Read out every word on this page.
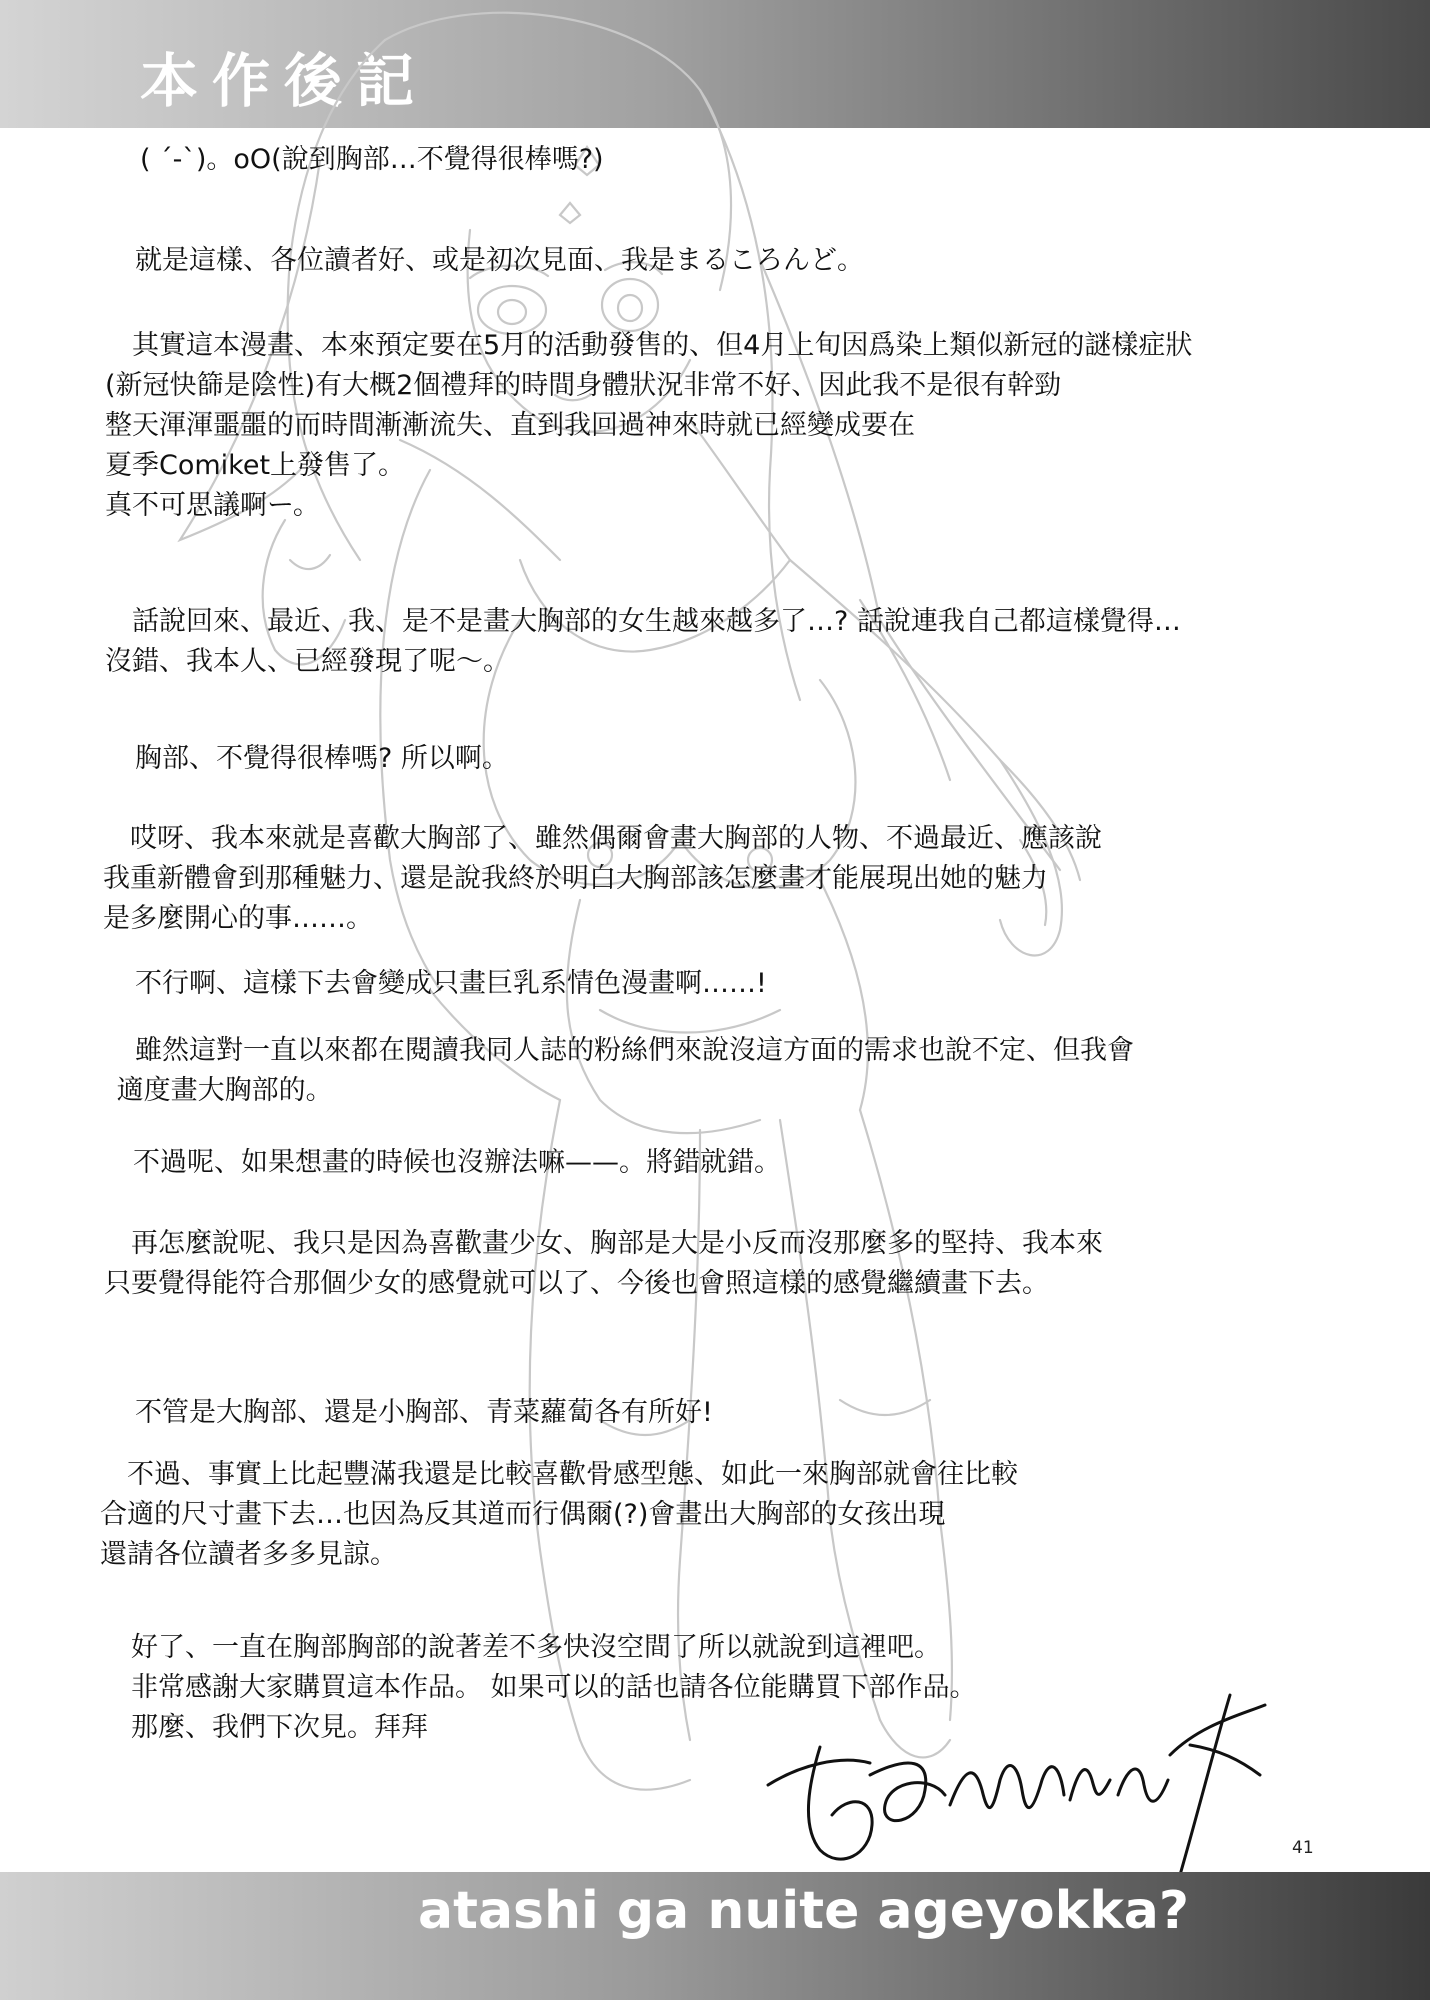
本作後記

( ´-`)。oO(說到胸部…不覺得很棒嗎?)

　就是這樣、各位讀者好、或是初次見面、我是まるころんど。

　其實這本漫畫、本來預定要在5月的活動發售的、但4月上旬因爲染上類似新冠的謎樣症狀
(新冠快篩是陰性)有大概2個禮拜的時間身體狀況非常不好、因此我不是很有幹勁
整天渾渾噩噩的而時間漸漸流失、直到我回過神來時就已經變成要在
夏季Comiket上發售了。
真不可思議啊ー。

　話說回來、最近、我、是不是畫大胸部的女生越來越多了…? 話說連我自己都這樣覺得…
沒錯、我本人、已經發現了呢～。

　胸部、不覺得很棒嗎? 所以啊。

　哎呀、我本來就是喜歡大胸部了、雖然偶爾會畫大胸部的人物、不過最近、應該說
我重新體會到那種魅力、還是說我終於明白大胸部該怎麼畫才能展現出她的魅力
是多麼開心的事……。

　不行啊、這樣下去會變成只畫巨乳系情色漫畫啊……!

　雖然這對一直以來都在閱讀我同人誌的粉絲們來說沒這方面的需求也說不定、但我會
適度畫大胸部的。

　不過呢、如果想畫的時候也沒辦法嘛——。將錯就錯。

　再怎麼說呢、我只是因為喜歡畫少女、胸部是大是小反而沒那麼多的堅持、我本來
只要覺得能符合那個少女的感覺就可以了、今後也會照這樣的感覺繼續畫下去。

　不管是大胸部、還是小胸部、青菜蘿蔔各有所好!

　不過、事實上比起豐滿我還是比較喜歡骨感型態、如此一來胸部就會往比較
合適的尺寸畫下去…也因為反其道而行偶爾(?)會畫出大胸部的女孩出現
還請各位讀者多多見諒。

　好了、一直在胸部胸部的說著差不多快沒空間了所以就說到這裡吧。
　非常感謝大家購買這本作品。 如果可以的話也請各位能購買下部作品。
　那麼、我們下次見。拜拜

41
atashi ga nuite ageyokka?
